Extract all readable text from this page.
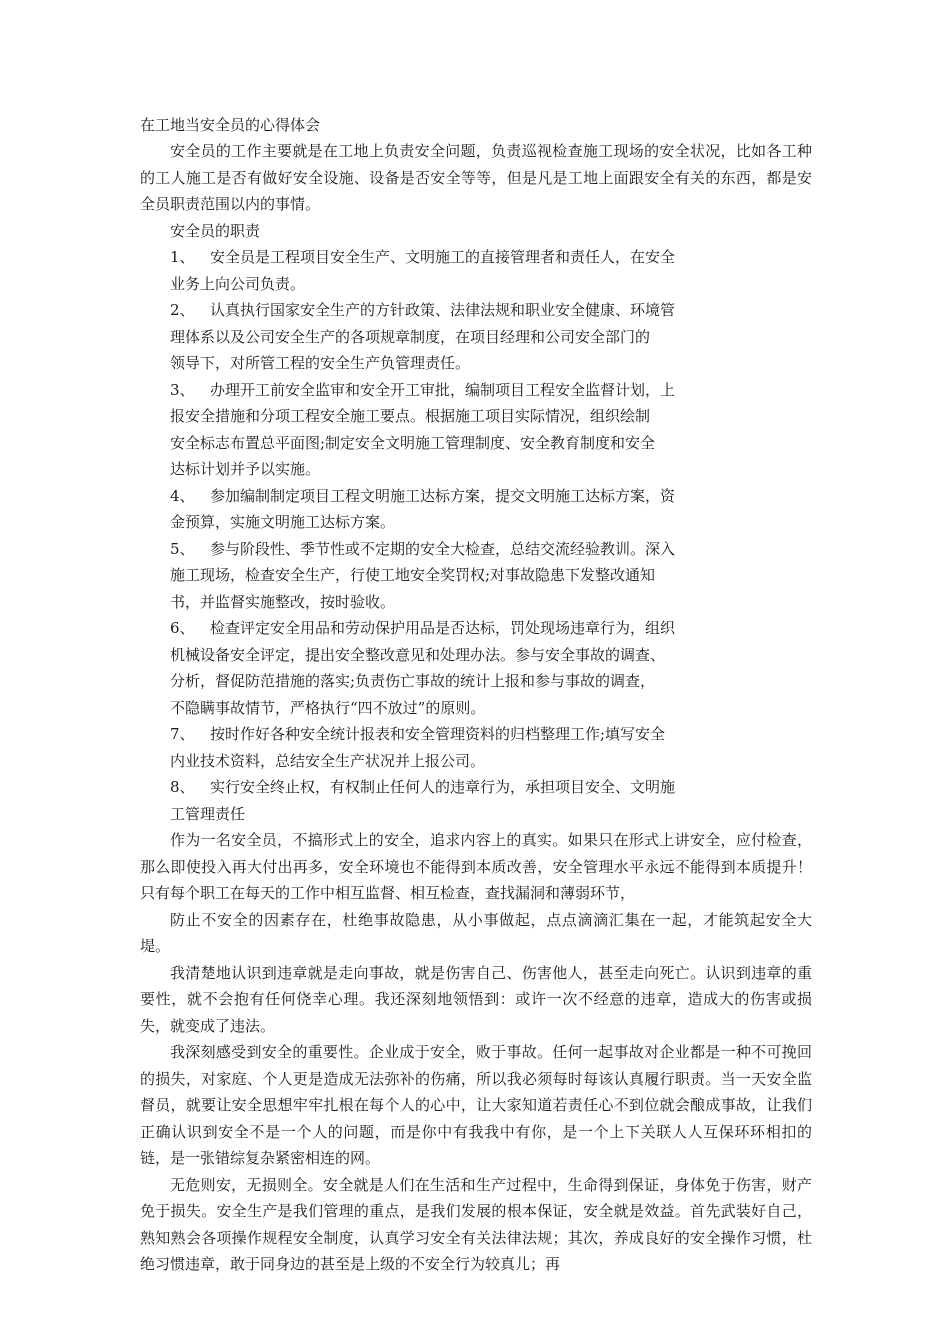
在工地当安全员的心得体会

安全员的工作主要就是在工地上负责安全问题，负责巡视检查施工现场的安全状况，比如各工种的工人施工是否有做好安全设施、设备是否安全等等，但是凡是工地上面跟安全有关的东西，都是安全员职责范围以内的事情。

安全员的职责

1、 安全员是工程项目安全生产、文明施工的直接管理者和责任人，在安全
业务上向公司负责。
2、 认真执行国家安全生产的方针政策、法律法规和职业安全健康、环境管
理体系以及公司安全生产的各项规章制度，在项目经理和公司安全部门的
领导下，对所管工程的安全生产负管理责任。
3、 办理开工前安全监审和安全开工审批，编制项目工程安全监督计划，上
报安全措施和分项工程安全施工要点。根据施工项目实际情况，组织绘制
安全标志布置总平面图;制定安全文明施工管理制度、安全教育制度和安全
达标计划并予以实施。
4、 参加编制制定项目工程文明施工达标方案，提交文明施工达标方案，资
金预算，实施文明施工达标方案。
5、 参与阶段性、季节性或不定期的安全大检查，总结交流经验教训。深入
施工现场，检查安全生产，行使工地安全奖罚权;对事故隐患下发整改通知
书，并监督实施整改，按时验收。
6、 检查评定安全用品和劳动保护用品是否达标，罚处现场违章行为，组织
机械设备安全评定，提出安全整改意见和处理办法。参与安全事故的调查、
分析，督促防范措施的落实;负责伤亡事故的统计上报和参与事故的调查，
不隐瞒事故情节，严格执行“四不放过”的原则。
7、 按时作好各种安全统计报表和安全管理资料的归档整理工作;填写安全
内业技术资料，总结安全生产状况并上报公司。
8、 实行安全终止权，有权制止任何人的违章行为，承担项目安全、文明施
工管理责任

作为一名安全员，不搞形式上的安全，追求内容上的真实。如果只在形式上讲安全，应付检查，那么即使投入再大付出再多，安全环境也不能得到本质改善，安全管理水平永远不能得到本质提升！只有每个职工在每天的工作中相互监督、相互检查，查找漏洞和薄弱环节，

防止不安全的因素存在，杜绝事故隐患，从小事做起，点点滴滴汇集在一起，才能筑起安全大堤。

我清楚地认识到违章就是走向事故，就是伤害自己、伤害他人，甚至走向死亡。认识到违章的重要性，就不会抱有任何侥幸心理。我还深刻地领悟到：或许一次不经意的违章，造成大的伤害或损失，就变成了违法。

我深刻感受到安全的重要性。企业成于安全，败于事故。任何一起事故对企业都是一种不可挽回的损失，对家庭、个人更是造成无法弥补的伤痛，所以我必须每时每该认真履行职责。当一天安全监督员，就要让安全思想牢牢扎根在每个人的心中，让大家知道若责任心不到位就会酿成事故，让我们正确认识到安全不是一个人的问题，而是你中有我我中有你，是一个上下关联人人互保环环相扣的链，是一张错综复杂紧密相连的网。

无危则安，无损则全。安全就是人们在生活和生产过程中，生命得到保证，身体免于伤害，财产免于损失。安全生产是我们管理的重点，是我们发展的根本保证，安全就是效益。首先武装好自己，熟知熟会各项操作规程安全制度，认真学习安全有关法律法规；其次，养成良好的安全操作习惯，杜绝习惯违章，敢于同身边的甚至是上级的不安全行为较真儿；再
